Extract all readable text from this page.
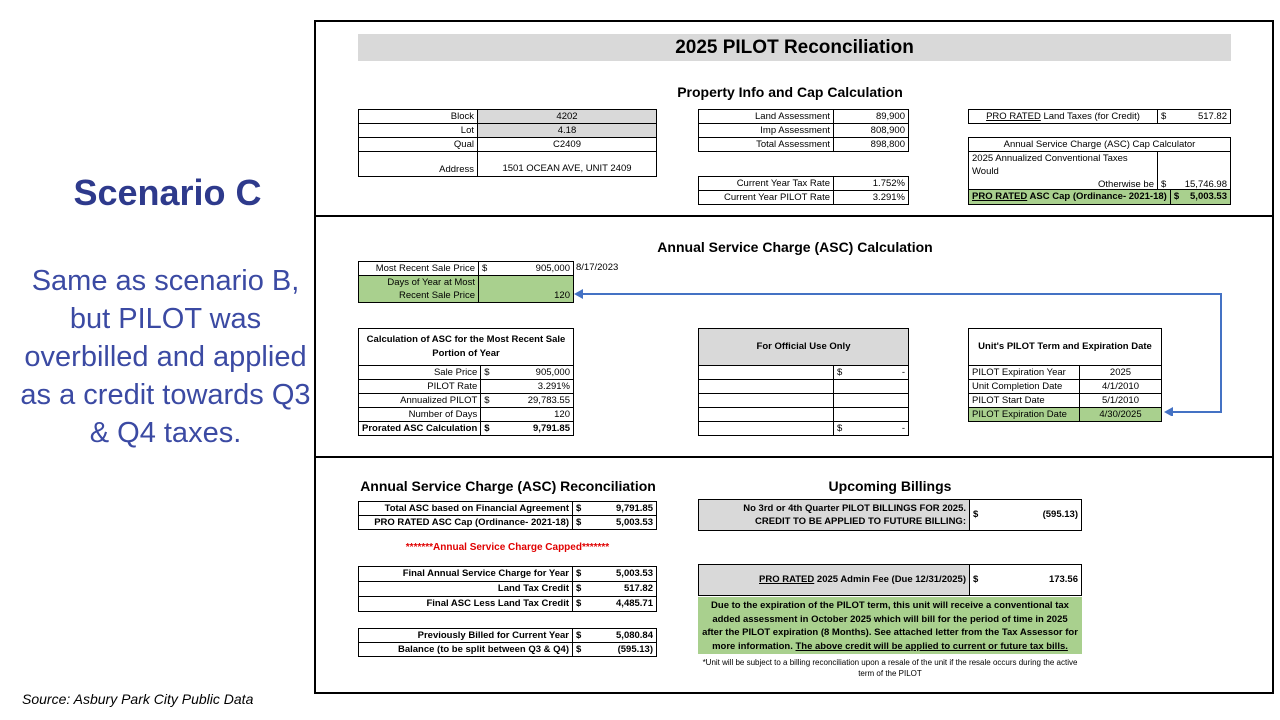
Scenario C
Same as scenario B, but PILOT was overbilled and applied as a credit towards Q3 & Q4 taxes.
Source: Asbury Park City Public Data
2025 PILOT Reconciliation
Property Info and Cap Calculation
Block	4202
Lot	4.18
Qual	C2409
Address	1501 OCEAN AVE, UNIT 2409
Land Assessment	89,900
Imp Assessment	808,900
Total Assessment	898,800
Current Year Tax Rate	1.752%
Current Year PILOT Rate	3.291%
PRO RATED Land Taxes (for Credit)	$	517.82
Annual Service Charge (ASC) Cap Calculator

2025 Annualized Conventional Taxes Would
Otherwise be	$	15,746.98
PRO RATED ASC Cap (Ordinance- 2021-18)	$	5,003.53
Annual Service Charge (ASC) Calculation
Most Recent Sale Price	$	905,000

Days of Year at Most
Recent Sale Price	120	
8/17/2023
Calculation of ASC for the Most Recent Sale Portion of Year		
Sale Price	$	905,000
PILOT Rate		3.291%
Annualized PILOT	$	29,783.55
Number of Days		120
Prorated ASC Calculation	$	9,791.85
For Official Use Only		
	$	-

	$	-
Unit's PILOT Term and Expiration Date	
PILOT Expiration Year	2025
Unit Completion Date	4/1/2010
PILOT Start Date	5/1/2010
PILOT Expiration Date	4/30/2025
Annual Service Charge (ASC) Reconciliation
Total ASC based on Financial Agreement	$	9,791.85
PRO RATED ASC Cap (Ordinance- 2021-18)	$	5,003.53
*******Annual Service Charge Capped*******
Final Annual Service Charge for Year	$	5,003.53
Land Tax Credit	$	517.82
Final ASC Less Land Tax Credit	$	4,485.71
Previously Billed for Current Year	$	5,080.84
Balance (to be split between Q3 & Q4)	$	(595.13)
Upcoming Billings
No 3rd or 4th Quarter PILOT BILLINGS FOR 2025.
CREDIT TO BE APPLIED TO FUTURE BILLING:
	$	(595.13)
PRO RATED 2025 Admin Fee (Due 12/31/2025)	$	173.56
Due to the expiration of the PILOT term, this unit will receive a conventional tax added assessment in October 2025 which will bill for the period of time in 2025 after the PILOT expiration (8 Months). See attached letter from the Tax Assessor for more information. The above credit will be applied to current or future tax bills.
*Unit will be subject to a billing reconciliation upon a resale of the unit if the resale occurs during the active term of the PILOT
